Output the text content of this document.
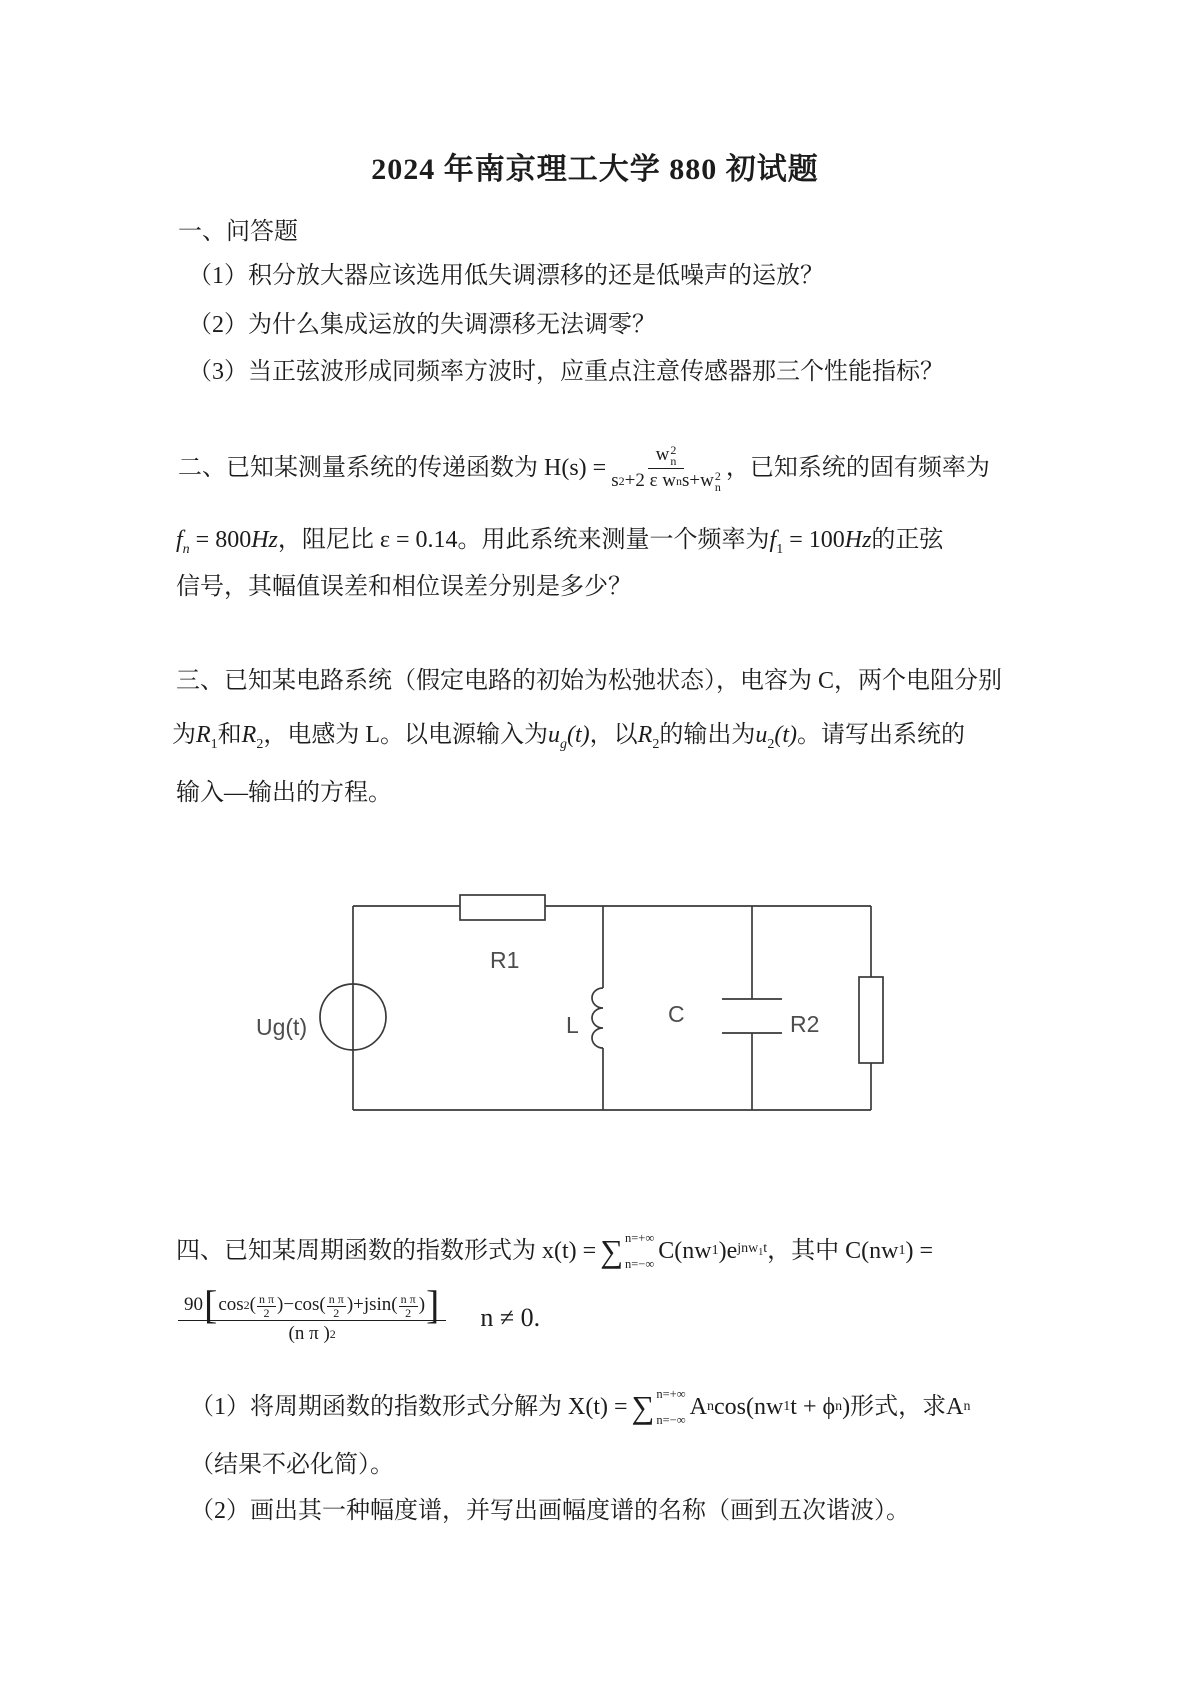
2024 年南京理工大学 880 初试题
一、问答题
（1）积分放大器应该选用低失调漂移的还是低噪声的运放？
（2）为什么集成运放的失调漂移无法调零？
（3）当正弦波形成同频率方波时，应重点注意传感器那三个性能指标？
二、已知某测量系统的传递函数为 H(s) = w 2
n
s 2 +2 ε w n s+w 2
n ，已知系统的固有频率为
$f_n = 800Hz$，阻尼比 ε = 0.14。用此系统来测量一个频率为$f_1 = 100Hz$的正弦
信号，其幅值误差和相位误差分别是多少？
三、已知某电路系统（假定电路的初始为松弛状态），电容为 C，两个电阻分别
为$R_1$和$R_2$，电感为 L。以电源输入为$u_g(t)$，以$R_2$的输出为$u_2(t)$。请写出系统的
输入—输出的方程。
Ug(t)
R1
L	C	R2
四、已知某周期函数的指数形式为 x(t) = ∑ n=+∞
n=−∞ C(nw 1 )e jnw$_1$t ，其中 C(nw 1 ) =
90 [ cos 2 ( n π
2 )−cos( n π
2 )+jsin( n π
2 ) ]
(n π ) 2 n ≠ 0.
（1）将周期函数的指数形式分解为 X(t) = ∑ n=+∞
n=−∞ A n cos(nw 1 t + ϕ n )形式，求A n
（结果不必化简）。
（2）画出其一种幅度谱，并写出画幅度谱的名称（画到五次谐波）。
